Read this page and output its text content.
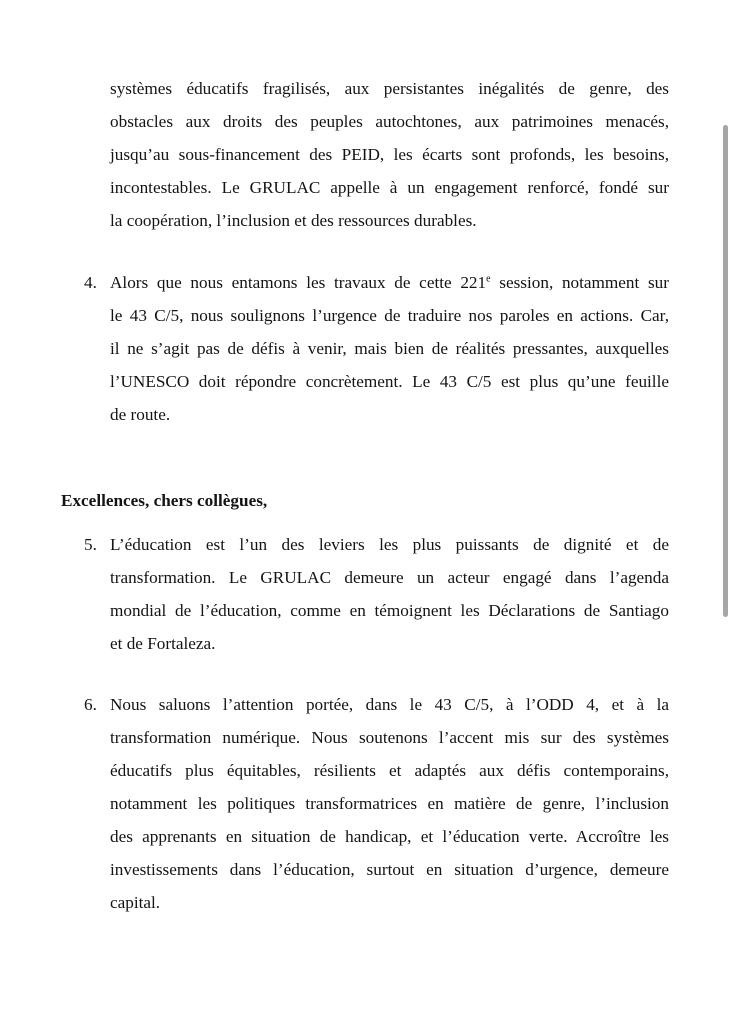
systèmes éducatifs fragilisés, aux persistantes inégalités de genre, des
obstacles aux droits des peuples autochtones, aux patrimoines menacés,
jusqu’au sous-financement des PEID, les écarts sont profonds, les besoins,
incontestables. Le GRULAC appelle à un engagement renforcé, fondé sur
la coopération, l’inclusion et des ressources durables.
4. Alors que nous entamons les travaux de cette 221e session, notamment sur
le 43 C/5, nous soulignons l’urgence de traduire nos paroles en actions. Car,
il ne s’agit pas de défis à venir, mais bien de réalités pressantes, auxquelles
l’UNESCO doit répondre concrètement. Le 43 C/5 est plus qu’une feuille
de route.
Excellences, chers collègues,
5. L’éducation est l’un des leviers les plus puissants de dignité et de
transformation. Le GRULAC demeure un acteur engagé dans l’agenda
mondial de l’éducation, comme en témoignent les Déclarations de Santiago
et de Fortaleza.
6. Nous saluons l’attention portée, dans le 43 C/5, à l’ODD 4, et à la
transformation numérique. Nous soutenons l’accent mis sur des systèmes
éducatifs plus équitables, résilients et adaptés aux défis contemporains,
notamment les politiques transformatrices en matière de genre, l’inclusion
des apprenants en situation de handicap, et l’éducation verte. Accroître les
investissements dans l’éducation, surtout en situation d’urgence, demeure
capital.
